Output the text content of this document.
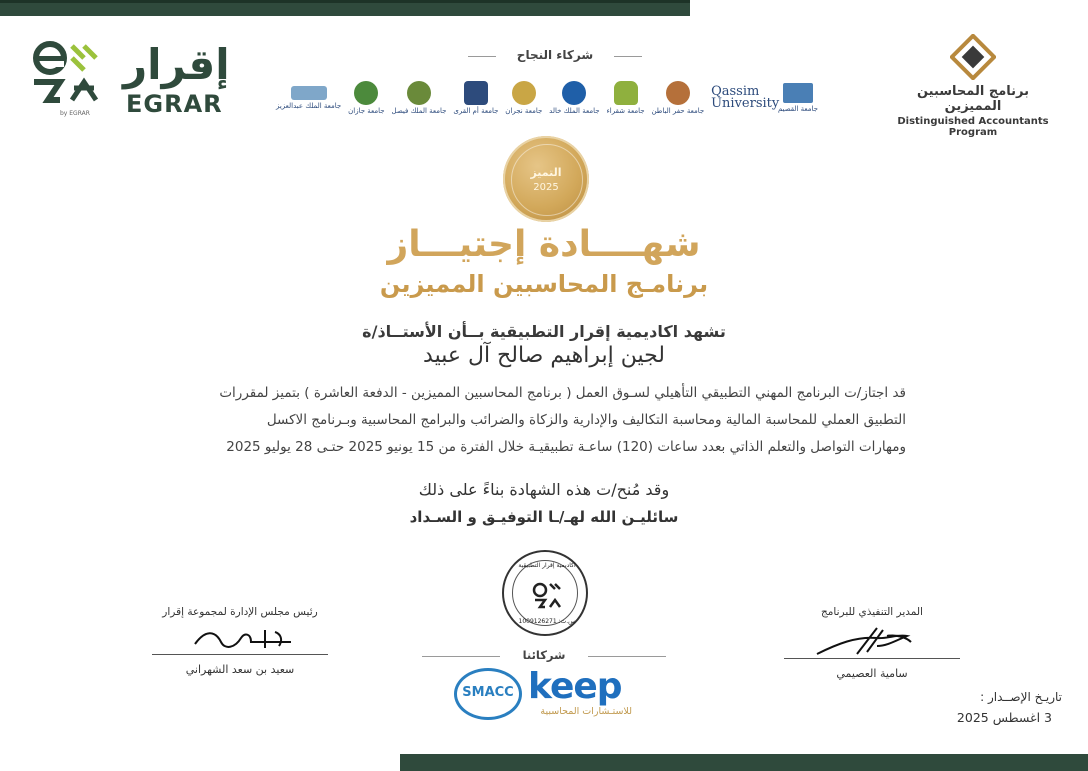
إقرار
EGRAR
by EGRAR
برنامج المحاسبين المميزين
Distinguished Accountants Program
شركاء النجاح
جامعة الملك عبدالعزيز
جامعة جازان جامعة الملك فيصل جامعة أم القرى جامعة نجران جامعة الملك خالد جامعة شقراء جامعة حفر الباطن
Qassim University
جامعة القصيم
التميز
2025
شهــــادة إجتيـــاز
برنامـج المحاسبين المميزين
تشهد اكاديمية إقرار التطبيقية بــأن الأستــاذ/ة
لجين إبراهيم صالح آل عبيد
قد اجتاز/ت البرنامج المهني التطبيقي التأهيلي لسـوق العمل ( برنامج المحاسبين المميزين - الدفعة العاشرة ) بتميز لمقررات
التطبيق العملي للمحاسبة المالية ومحاسبة التكاليف والإدارية والزكاة والضرائب والبرامج المحاسبية وبـرنامج الاكسل
ومهارات التواصل والتعلم الذاتي بعدد ساعات (120) ساعـة تطبيقيـة خلال الفترة من 15 يونيو 2025 حتـى 28 يوليو 2025
وقد مُنح/ت هذه الشهادة بناءً على ذلك
سائليـن الله لهـ/ـا التوفيـق و السـداد
اكاديمية إقرار التطبيقية
س.ت: 1009126271
رئيس مجلس الإدارة لمجموعة إقرار
سعيد بن سعد الشهراني
المدير التنفيذي للبرنامج
سامية العصيمي
شركائنا
SMACC keep
للاستـشارات المحاسبية
تاريـخ الإصــدار :
3 اغسطس 2025
